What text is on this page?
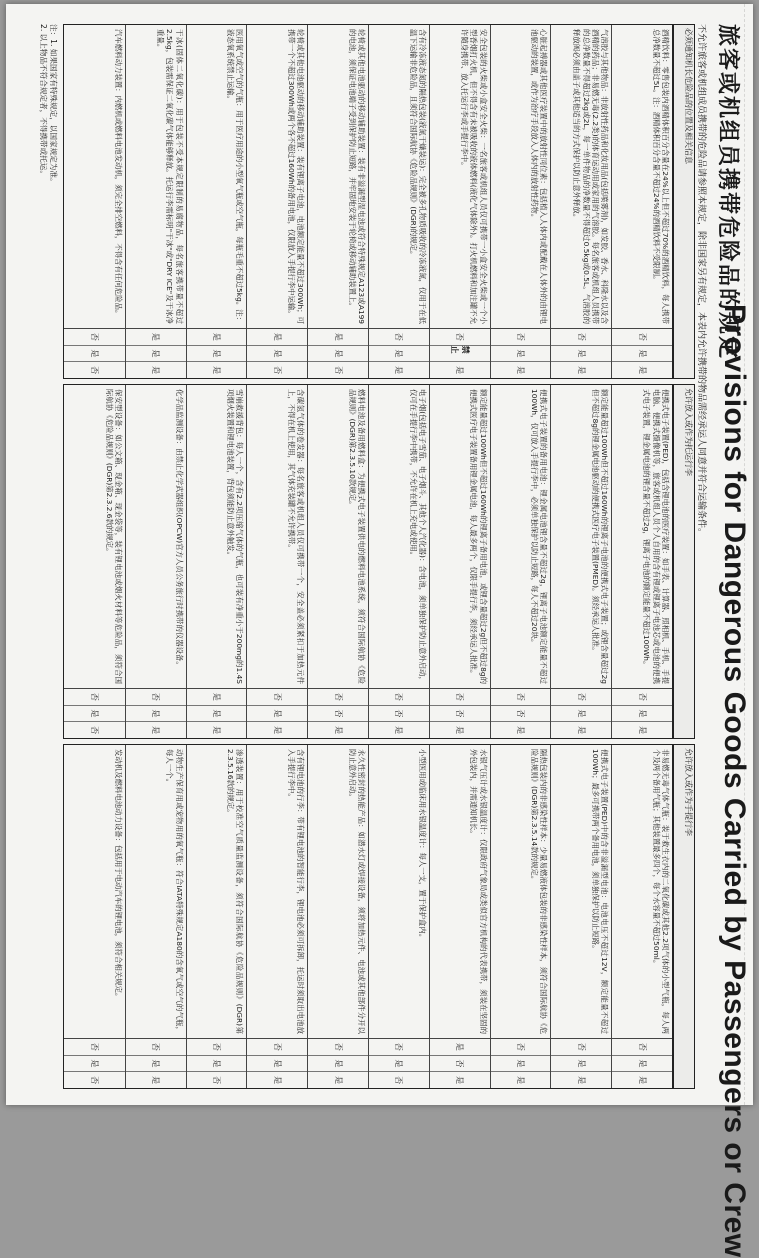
旅客或机组员携带危险品的规定
Provisions for Dangerous Goods Carried by Passengers or Crew
不允许旅客或机组成员携带的危险品请参照本规定，除非国家另有规定，本表内允许携带的物品需经承运人同意并符合运输条件。
必须通知机长危险品的位置及相关信息
允许放入或作为托运行李
允许放入或作为手提行李
酒精饮料：零售包装内酒精体积百分含量在24%以上但不超过70%的酒精饮料，每人携带总净数量不超过5L。注：酒精体积百分含量不超过24%的酒精饮料不受限制。
否
是
是
气溶胶与其他物品：非放射性药品和化妆用品(包括喷雾剂)，如发胶、香水、科隆水以及含酒精的药品；非易燃无毒(2.2类)的体育运动用或家用的气溶胶。每名旅客或机组人员携带的总净数量不得超过2kg或2L，每一单件物品的净数量不得超过0.5kg或0.5L。气溶胶的释放阀必须由盖子或其他适当的方式保护以防止意外释放。
否
是
是
心脏起搏器或其他医疗装置中的放射性同位素：包括植入人体内或配戴在人体外的由锂电池驱动的装置，或作为治疗手段放入人体内的放射性药物。
否
是
是
安全包装的火柴或小盒安全火柴：一名旅客或机组人员仅可携带一小盒安全火柴或一个小型香烟打火机，但不得含有未被吸收的液体燃料(液化气体除外)。打火机燃料和加注罐不允许随身携带、放入托运行李或手提行李中。
否
禁止
是
含有冷冻液态氮的隔热包装(液氮干燥装运)：完全被多孔物质吸收的冷冻液氮，仅用于在低温下运输非危险品，且须符合国际航协《危险品规则》(DGR)的规定。
否
是
是
轮椅或其他电池驱动的移动辅助装置：装有非溢漏型湿电池或符合特殊规定A123或A199的电池，须保证电池端子受到保护防止短路，并牢固地安装于轮椅或移动辅助装置上。
是
是
否
轮椅或其他电池驱动的移动辅助装置：装有锂离子电池，电池额定能量不超过300Wh；可携带一个不超过300Wh或两个各不超过160Wh的备用电池，仅限放入手提行李中运输。
是
是
否
医用氧气或空气的气瓶：用于医疗用途的小型氧气瓶或空气瓶，每瓶毛重不超过5kg。注：液态氧系统禁止运输。
是
是
是
干冰(固体二氧化碳)：用于包装不受本规定限制的易腐物品，每名旅客携带量不超过2.5kg，包装需保证二氧化碳气体能够释放。托运行李需标明"干冰"或"DRY ICE"及干冰净重量。
是
是
是
汽车燃料动力装置：内燃机或燃料电池发动机，须完全排空燃料，不得含有任何危险品。
否
是
否
便携式电子装置(PED)，包括含锂电池的医疗装置：如手表、计算器、照相机、手机、手提电脑、便携式摄像机等，旅客或机组人员个人自用的含有锂或锂离子电池芯或电池的便携式电子装置，锂金属电池的锂含量不超过2g，锂离子电池的额定能量不超过100Wh。
否
是
是
额定能量超过100Wh但不超过160Wh的锂离子电池的便携式电子装置；或锂含量超过2g但不超过8g的锂金属电池驱动的便携式医疗电子装置(PMED)。须经承运人批准。
否
是
是
便携式电子装置的备用电池：锂金属电池锂含量不超过2g，锂离子电池额定能量不超过100Wh，仅可放入手提行李中，必须单独保护以防止短路，每人不超过20块。
否
否
是
额定能量超过100Wh但不超过160Wh的锂离子备用电池，或锂含量超过2g但不超过8g的便携式医疗电子装置备用锂金属电池，每人最多两个，仅限手提行李，须经承运人批准。
否
否
是
电子烟(包括电子雪茄、电子烟斗、其他个人汽化器)：含电池，须单独保护防止意外启动，仅可在手提行李中携带，不允许在机上充电或使用。
否
否
是
燃料电池及备用燃料盒：为便携式电子装置供电的燃料电池系统，须符合国际航协《危险品规则》(DGR)第2.3.5.10款规定。
否
否
是
含碳氢气体的卷发器：每名旅客或机组人员仅可携带一个，安全盖必须紧扣于加热元件上，不得在机上使用，其气体充装罐不允许携带。
否
是
是
雪崩救援背包：每人一个，含有2.2项压缩气体的气瓶，也可装有净重小于200mg的1.4S项烟火装置和锂电池装置，背包须能防止意外触发。
是
是
是
化学品监测设备：由禁止化学武器组织(OPCW)官方人员公务旅行时携带的仪器设备。
否
是
是
保安型设备：如公文箱、现金箱、现金袋等，装有锂电池或烟火材料等危险品，须符合国际航协《危险品规则》(DGR)第2.3.2.6款的规定。
否
是
否
非易燃无毒气体气瓶：装于救生衣内的二氧化碳或其他2.2项气体的小型气瓶，每人两个及两个备用气瓶；其他装置最多四个，每个水容量不超过50ml。
否
是
是
便携式电子装置(PED)中的含非溢漏型电池：电池电压不超过12V，额定能量不超过100Wh；最多可携带两个备用电池，须单独保护以防止短路。
否
是
是
隔热包装内的非感染性样本：少量易燃液体包装的非感染性样本，须符合国际航协《危险品规则》(DGR)第2.3.5.14款的规定。
否
是
是
水银气压计或水银温度计：仅限政府气象局或类似官方机构的代表携带，须装在坚固的外包装内，并需通知机长。
是
否
是
小型医用或临床用水银温度计：每人一支，置于保护盒内。
否
是
否
永久性密封的热能产品：如潜水灯或焊接设备，须将加热元件、电池或其他部件分开以防止意外启动。
否
是
是
含有锂电池的行李：带有锂电池的智能行李，锂电池必须可拆卸，托运时须取出电池放入手提行李中。
否
是
是
渗透装置：用于校准空气质量监测设备，须符合国际航协《危险品规则》(DGR)第2.3.5.16款的规定。
否
是
否
动物生产保育用或宠物用的氧气瓶：符合IATA特殊规定A180的含氧气或空气的气瓶，每人一个。
否
是
是
发动机及燃料电池动力设备：包括用于电动汽车的锂电池，须符合相关规定。
否
是
否
注：1. 如果国家有特殊规定，以国家规定为准。
2. 以上物品不符合规定者，不得携带或托运。
